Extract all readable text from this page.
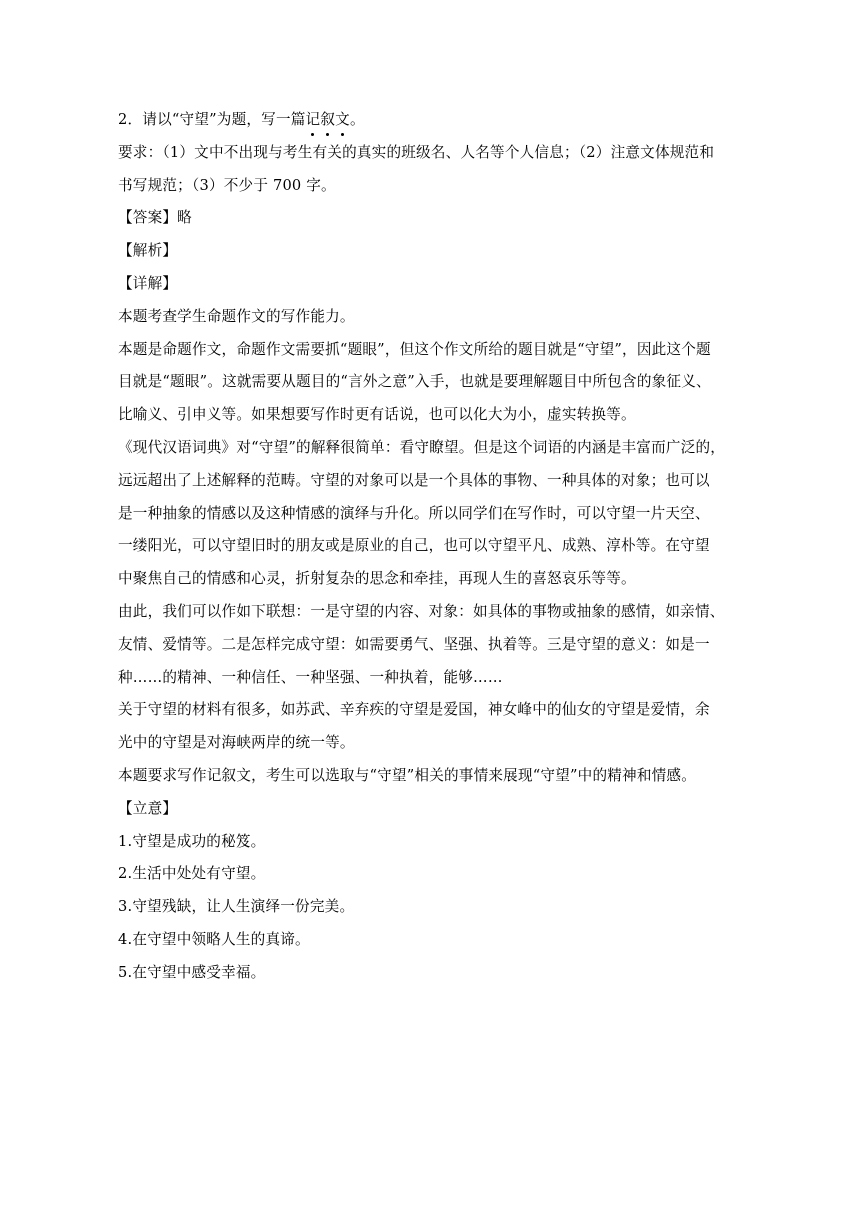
2．请以“守望”为题，写一篇记叙文。
要求：（1）文中不出现与考生有关的真实的班级名、人名等个人信息；（2）注意文体规范和
书写规范；（3）不少于 700 字。
【答案】略
【解析】
【详解】
本题考查学生命题作文的写作能力。
本题是命题作文，命题作文需要抓“题眼”，但这个作文所给的题目就是“守望”，因此这个题
目就是“题眼”。这就需要从题目的“言外之意”入手，也就是要理解题目中所包含的象征义、
比喻义、引申义等。如果想要写作时更有话说，也可以化大为小，虚实转换等。
《现代汉语词典》对“守望”的解释很简单：看守瞭望。但是这个词语的内涵是丰富而广泛的，
远远超出了上述解释的范畴。守望的对象可以是一个具体的事物、一种具体的对象；也可以
是一种抽象的情感以及这种情感的演绎与升化。所以同学们在写作时，可以守望一片天空、
一缕阳光，可以守望旧时的朋友或是原业的自己，也可以守望平凡、成熟、淳朴等。在守望
中聚焦自己的情感和心灵，折射复杂的思念和牵挂，再现人生的喜怒哀乐等等。
由此，我们可以作如下联想：一是守望的内容、对象：如具体的事物或抽象的感情，如亲情、
友情、爱情等。二是怎样完成守望：如需要勇气、坚强、执着等。三是守望的意义：如是一
种……的精神、一种信任、一种坚强、一种执着，能够……
关于守望的材料有很多，如苏武、辛弃疾的守望是爱国，神女峰中的仙女的守望是爱情，余
光中的守望是对海峡两岸的统一等。
本题要求写作记叙文，考生可以选取与“守望”相关的事情来展现“守望”中的精神和情感。
【立意】
1.守望是成功的秘笈。
2.生活中处处有守望。
3.守望残缺，让人生演绎一份完美。
4.在守望中领略人生的真谛。
5.在守望中感受幸福。
